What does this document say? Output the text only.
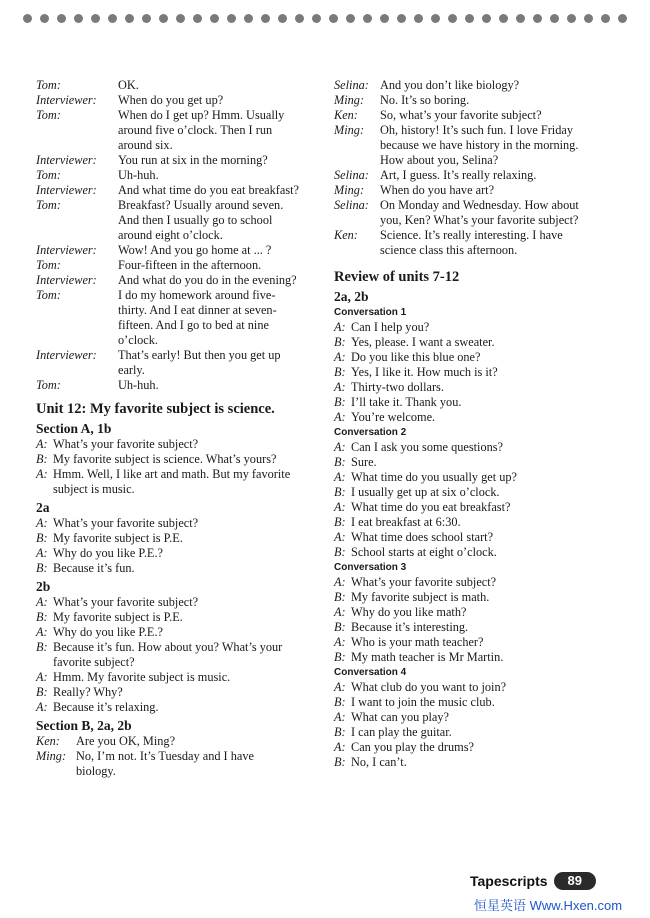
Tom:	OK.
Interviewer:	When do you get up?
Tom:	When do I get up? Hmm. Usually
around five o’clock. Then I run
around six.
Interviewer:	You run at six in the morning?
Tom:	Uh-huh.
Interviewer:	And what time do you eat breakfast?
Tom:	Breakfast? Usually around seven.
And then I usually go to school
around eight o’clock.
Interviewer:	Wow! And you go home at ... ?
Tom:	Four-fifteen in the afternoon.
Interviewer:	And what do you do in the evening?
Tom:	I do my homework around five-
thirty. And I eat dinner at seven-
fifteen. And I go to bed at nine
o’clock.
Interviewer:	That’s early! But then you get up
early.
Tom:	Uh-huh.
Unit 12: My favorite subject is science.
Section A, 1b
A: What’s your favorite subject?
B: My favorite subject is science. What’s yours?
A: Hmm. Well, I like art and math. But my favorite
subject is music.
2a
A: What’s your favorite subject?
B: My favorite subject is P.E.
A: Why do you like P.E.?
B: Because it’s fun.
2b
A: What’s your favorite subject?
B: My favorite subject is P.E.
A: Why do you like P.E.?
B: Because it’s fun. How about you? What’s your
favorite subject?
A: Hmm. My favorite subject is music.
B: Really? Why?
A: Because it’s relaxing.
Section B, 2a, 2b
Ken:	Are you OK, Ming?
Ming: No, I’m not. It’s Tuesday and I have
biology.
Selina: And you don’t like biology?
Ming:	No. It’s so boring.
Ken:	So, what’s your favorite subject?
Ming:	Oh, history! It’s such fun. I love Friday
because we have history in the morning.
How about you, Selina?
Selina: Art, I guess. It’s really relaxing.
Ming:	When do you have art?
Selina: On Monday and Wednesday. How about
you, Ken? What’s your favorite subject?
Ken:	Science. It’s really interesting. I have
science class this afternoon.
Review of units 7-12
2a, 2b
Conversation 1
A: Can I help you?
B: Yes, please. I want a sweater.
A: Do you like this blue one?
B: Yes, I like it. How much is it?
A: Thirty-two dollars.
B: I’ll take it. Thank you.
A: You’re welcome.
Conversation 2
A: Can I ask you some questions?
B: Sure.
A: What time do you usually get up?
B: I usually get up at six o’clock.
A: What time do you eat breakfast?
B: I eat breakfast at 6:30.
A: What time does school start?
B: School starts at eight o’clock.
Conversation 3
A: What’s your favorite subject?
B: My favorite subject is math.
A: Why do you like math?
B: Because it’s interesting.
A: Who is your math teacher?
B: My math teacher is Mr Martin.
Conversation 4
A: What club do you want to join?
B: I want to join the music club.
A: What can you play?
B: I can play the guitar.
A: Can you play the drums?
B: No, I can’t.
Tapescripts	89
恒星英语 Www.Hxen.com
